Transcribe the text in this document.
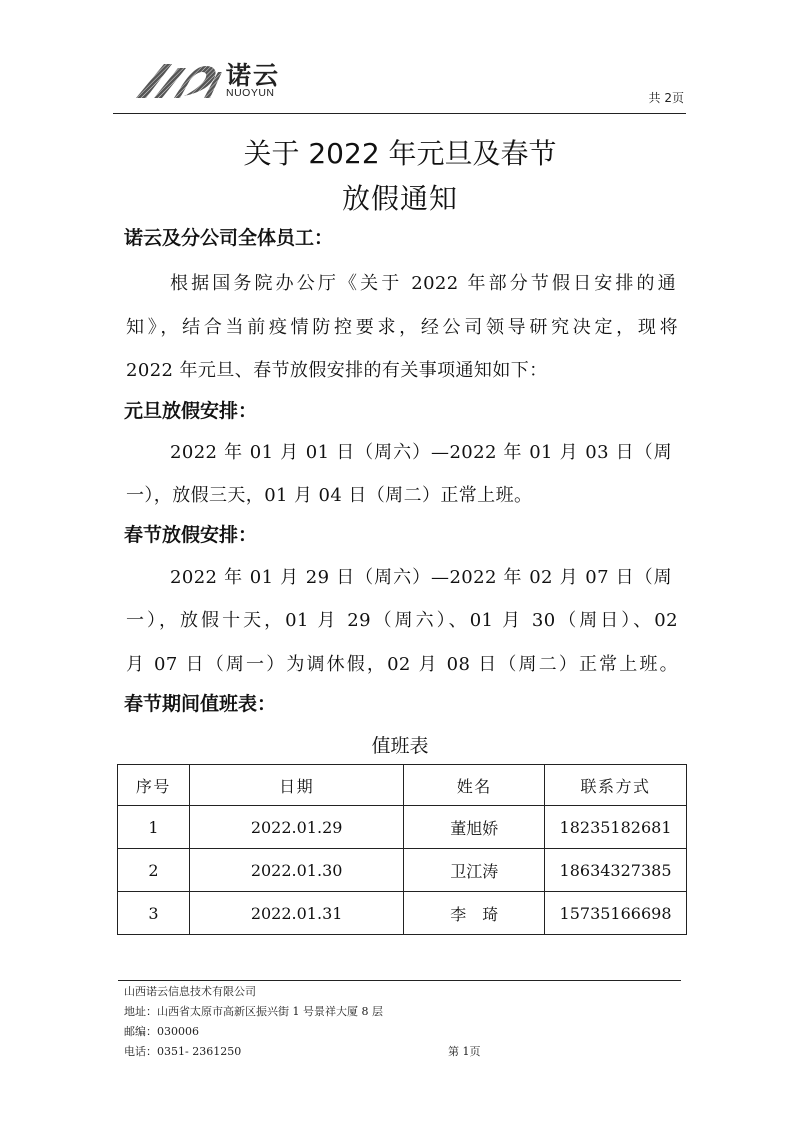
诺云
NUOYUN	共 2页
关于 2022 年元旦及春节
放假通知
诺云及分公司全体员工：
根据国务院办公厅《关于 2022 年部分节假日安排的通
知》，结合当前疫情防控要求，经公司领导研究决定，现将
2022 年元旦、春节放假安排的有关事项通知如下：
元旦放假安排：
2022 年 01 月 01 日（周六）—2022 年 01 月 03 日（周
一），放假三天，01 月 04 日（周二）正常上班。
春节放假安排：
2022 年 01 月 29 日（周六）—2022 年 02 月 07 日（周
一），放假十天，01 月 29（周六）、01 月 30（周日）、02
月 07 日（周一）为调休假，02 月 08 日（周二）正常上班。
春节期间值班表：
值班表
序号	日期	姓名	联系方式
1	2022.01.29	董旭娇	18235182681
2	2022.01.30	卫江涛	18634327385
3	2022.01.31	李　琦	15735166698
山西诺云信息技术有限公司
地址：山西省太原市高新区振兴街 1 号景祥大厦 8 层
邮编：030006
电话：0351- 2361250	第 1页
